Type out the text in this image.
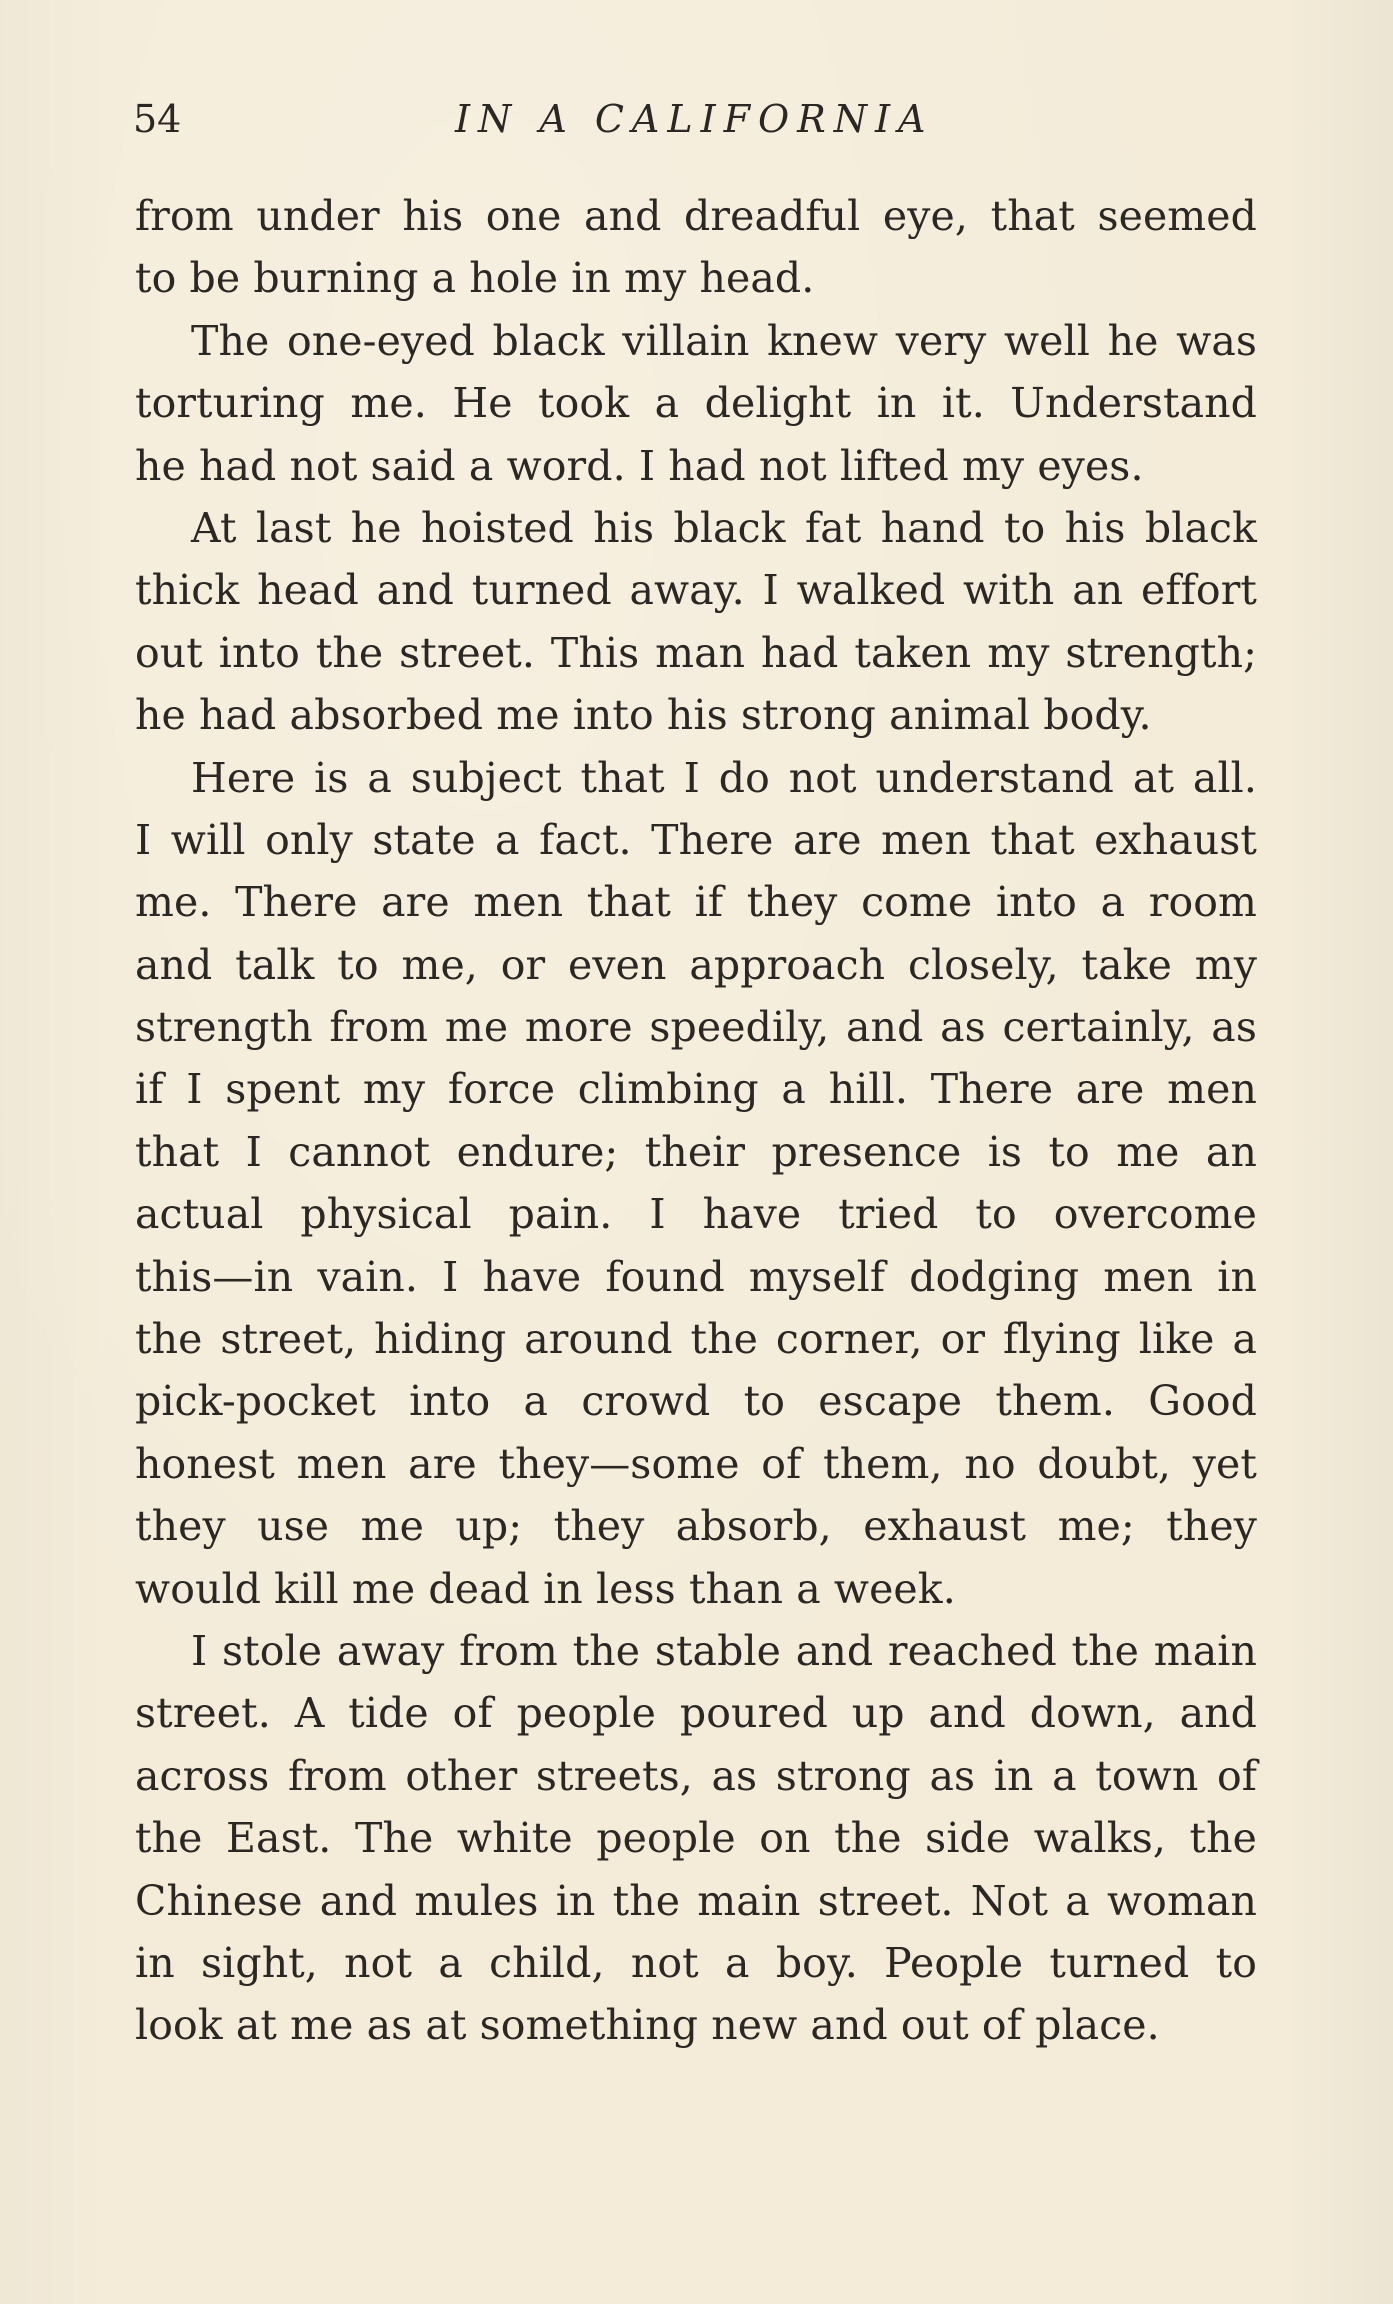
54	IN A CALIFORNIA
from under his one and dreadful eye, that seemed
to be burning a hole in my head.
The one-eyed black villain knew very well he was
torturing me. He took a delight in it. Understand
he had not said a word. I had not lifted my eyes.
At last he hoisted his black fat hand to his black
thick head and turned away. I walked with an effort
out into the street. This man had taken my strength;
he had absorbed me into his strong animal body.
Here is a subject that I do not understand at all.
I will only state a fact. There are men that exhaust
me. There are men that if they come into a room
and talk to me, or even approach closely, take my
strength from me more speedily, and as certainly, as
if I spent my force climbing a hill. There are men
that I cannot endure; their presence is to me an
actual physical pain. I have tried to overcome
this—in vain. I have found myself dodging men in
the street, hiding around the corner, or flying like a
pick-pocket into a crowd to escape them. Good
honest men are they—some of them, no doubt, yet
they use me up; they absorb, exhaust me; they
would kill me dead in less than a week.
I stole away from the stable and reached the main
street. A tide of people poured up and down, and
across from other streets, as strong as in a town of
the East. The white people on the side walks, the
Chinese and mules in the main street. Not a woman
in sight, not a child, not a boy. People turned to
look at me as at something new and out of place.
